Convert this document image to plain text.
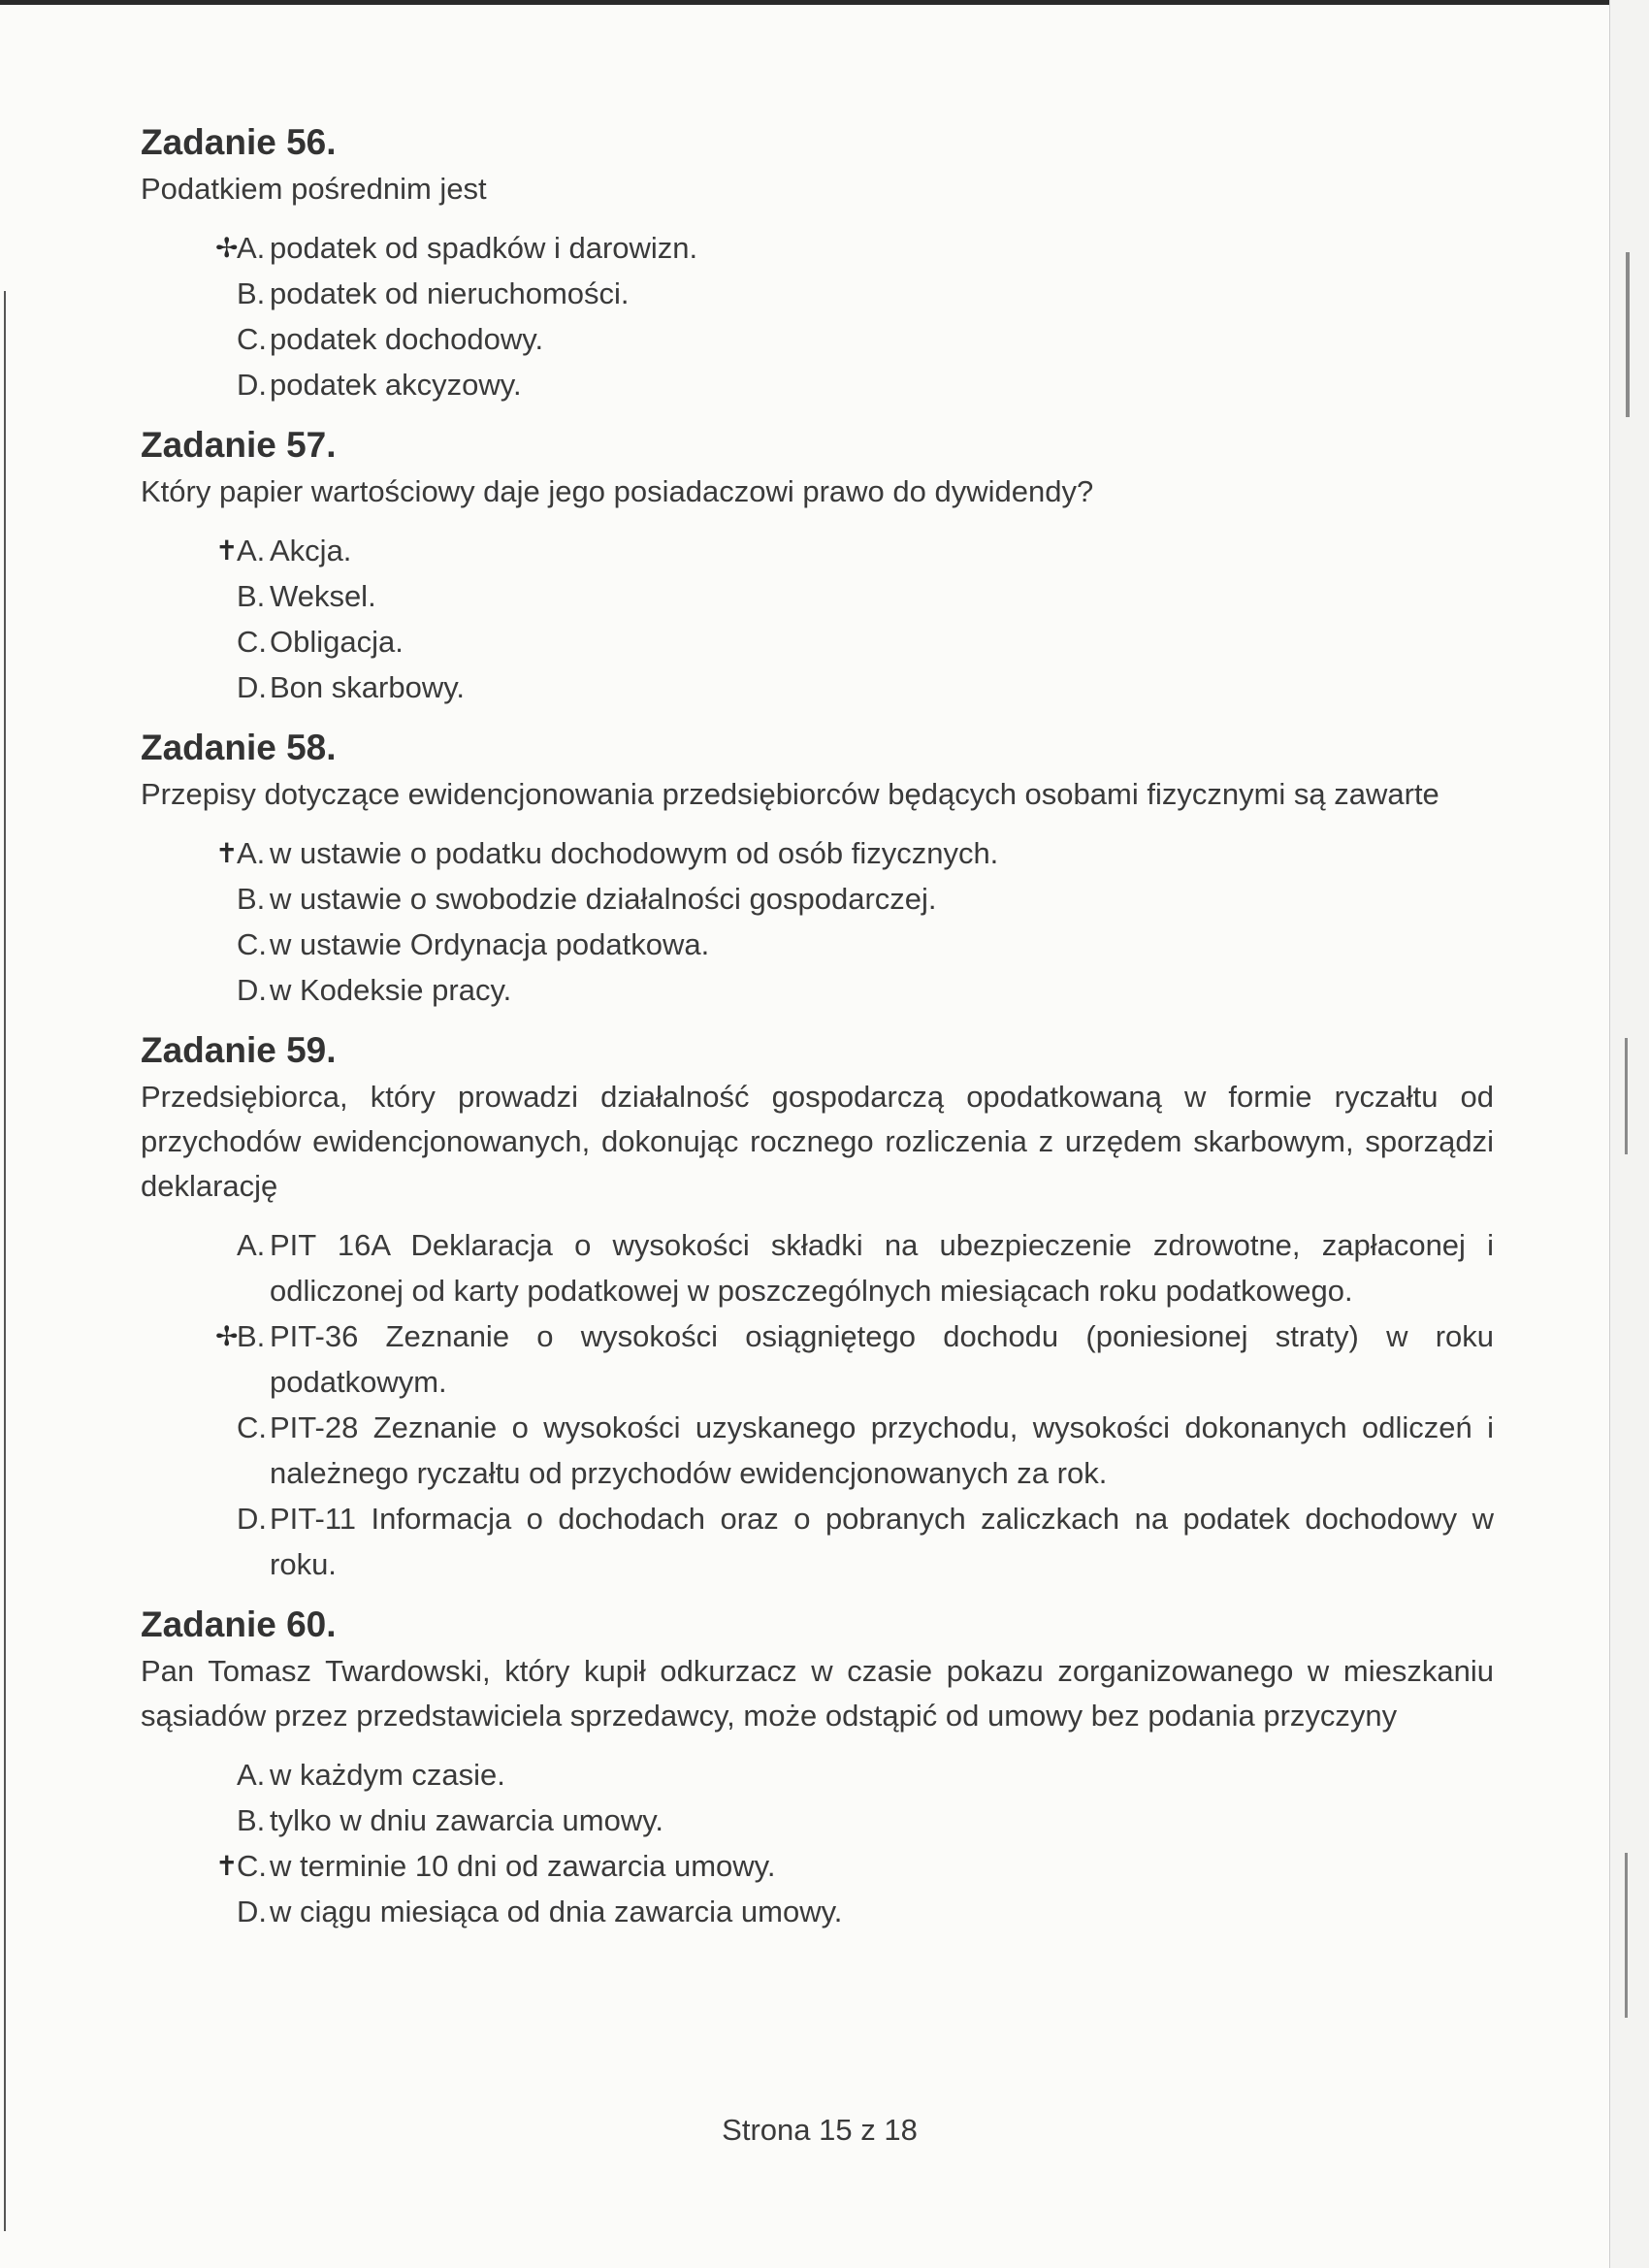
Zadanie 56.

Podatkiem pośrednim jest

✢
A. podatek od spadków i darowizn.
B. podatek od nieruchomości.
C. podatek dochodowy.
D. podatek akcyzowy.
Zadanie 57.

Który papier wartościowy daje jego posiadaczowi prawo do dywidendy?

✝
A. Akcja.
B. Weksel.
C. Obligacja.
D. Bon skarbowy.
Zadanie 58.

Przepisy dotyczące ewidencjonowania przedsiębiorców będących osobami fizycznymi są zawarte

✝
A. w ustawie o podatku dochodowym od osób fizycznych.
B. w ustawie o swobodzie działalności gospodarczej.
C. w ustawie Ordynacja podatkowa.
D. w Kodeksie pracy.
Zadanie 59.

Przedsiębiorca, który prowadzi działalność gospodarczą opodatkowaną w formie ryczałtu od przychodów ewidencjonowanych, dokonując rocznego rozliczenia z urzędem skarbowym, sporządzi deklarację

A. PIT 16A Deklaracja o wysokości składki na ubezpieczenie zdrowotne, zapłaconej i odliczonej od karty podatkowej w poszczególnych miesiącach roku podatkowego.
✢
B. PIT-36 Zeznanie o wysokości osiągniętego dochodu (poniesionej straty) w roku podatkowym.
C. PIT-28 Zeznanie o wysokości uzyskanego przychodu, wysokości dokonanych odliczeń i należnego ryczałtu od przychodów ewidencjonowanych za rok.
D. PIT-11 Informacja o dochodach oraz o pobranych zaliczkach na podatek dochodowy w roku.
Zadanie 60.

Pan Tomasz Twardowski, który kupił odkurzacz w czasie pokazu zorganizowanego w mieszkaniu sąsiadów przez przedstawiciela sprzedawcy, może odstąpić od umowy bez podania przyczyny

A. w każdym czasie.
B. tylko w dniu zawarcia umowy.
✝
C. w terminie 10 dni od zawarcia umowy.
D. w ciągu miesiąca od dnia zawarcia umowy.
Strona 15 z 18
